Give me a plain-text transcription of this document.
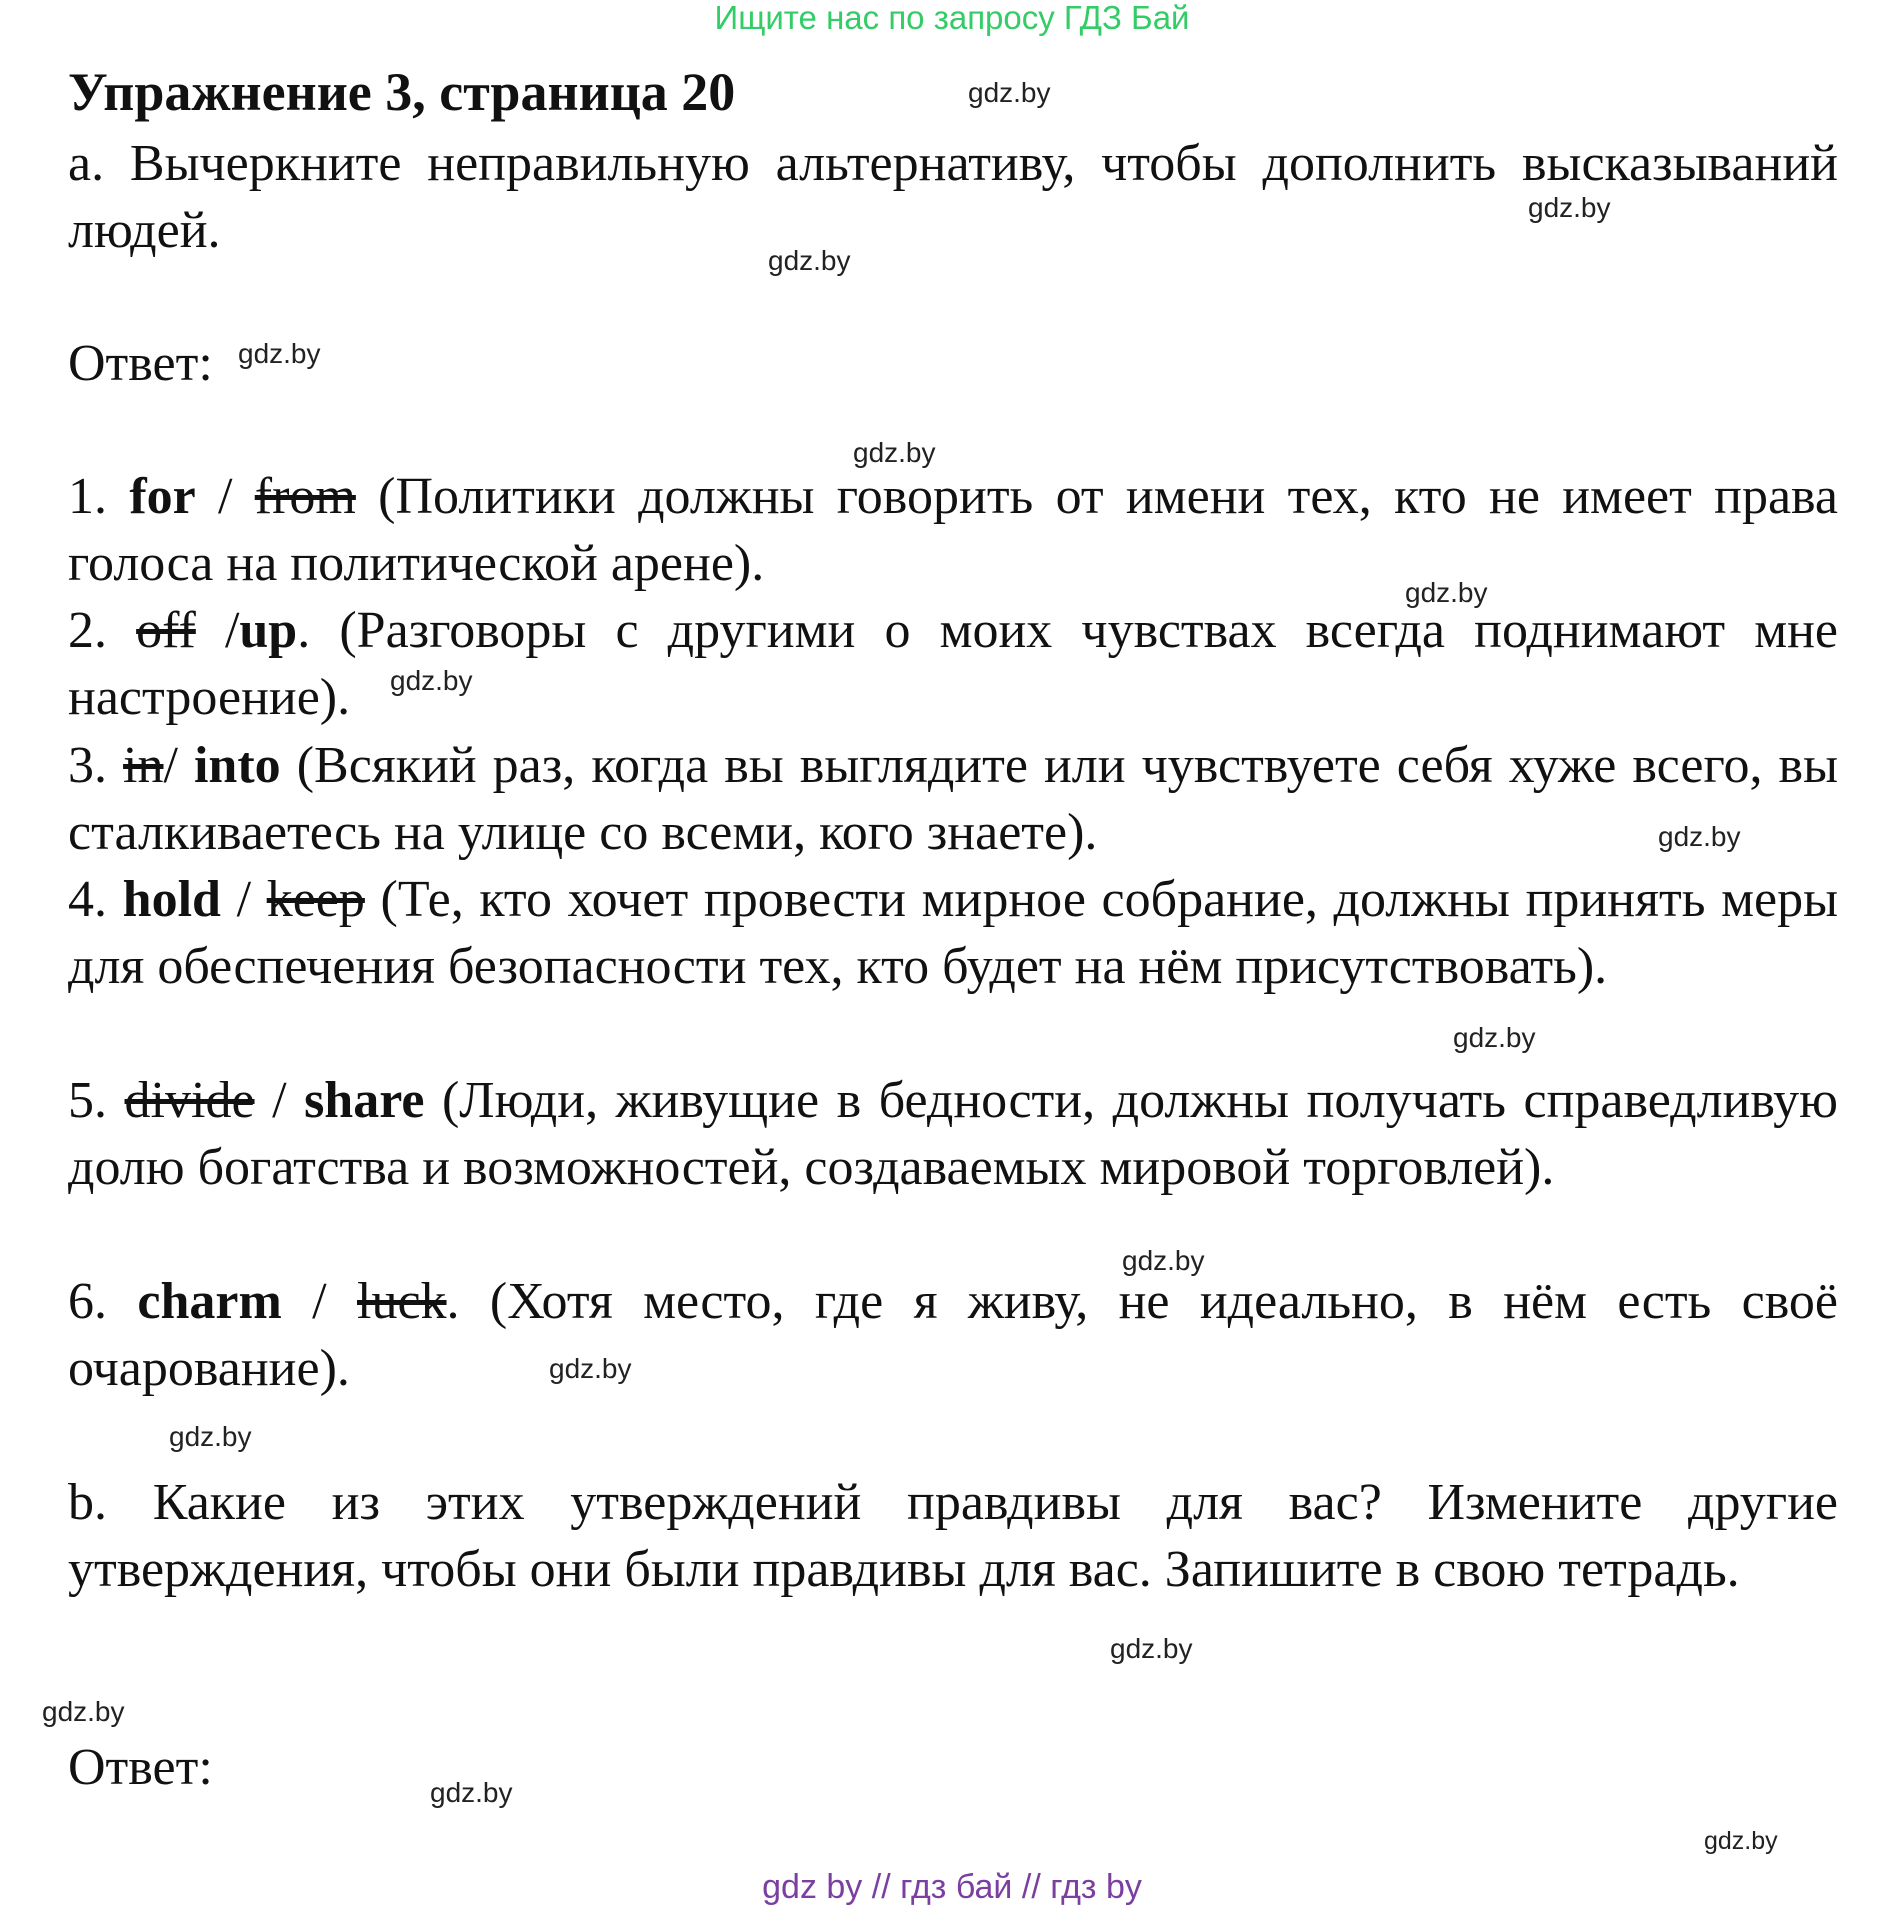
Ищите нас по запросу ГДЗ Бай
Упражнение 3, страница 20
a. Вычеркните неправильную альтернативу, чтобы дополнить высказываний людей.
Ответ:
1. for / from (Политики должны говорить от имени тех, кто не имеет права голоса на политической арене).
2. off /up. (Разговоры с другими о моих чувствах всегда поднимают мне настроение).
3. in/ into (Всякий раз, когда вы выглядите или чувствуете себя хуже всего, вы сталкиваетесь на улице со всеми, кого знаете).
4. hold / keep (Те, кто хочет провести мирное собрание, должны принять меры для обеспечения безопасности тех, кто будет на нём присутствовать).
5. divide / share (Люди, живущие в бедности, должны получать справедливую долю богатства и возможностей, создаваемых мировой торговлей).
6. charm / luck. (Хотя место, где я живу, не идеально, в нём есть своё очарование).
b. Какие из этих утверждений правдивы для вас? Измените другие утверждения, чтобы они были правдивы для вас. Запишите в свою тетрадь.
Ответ:
gdz.by
gdz.by
gdz.by
gdz.by
gdz.by
gdz.by
gdz.by
gdz.by
gdz.by
gdz.by
gdz.by
gdz.by
gdz.by
gdz.by
gdz.by
gdz.by
gdz by // гдз бай // гдз by
